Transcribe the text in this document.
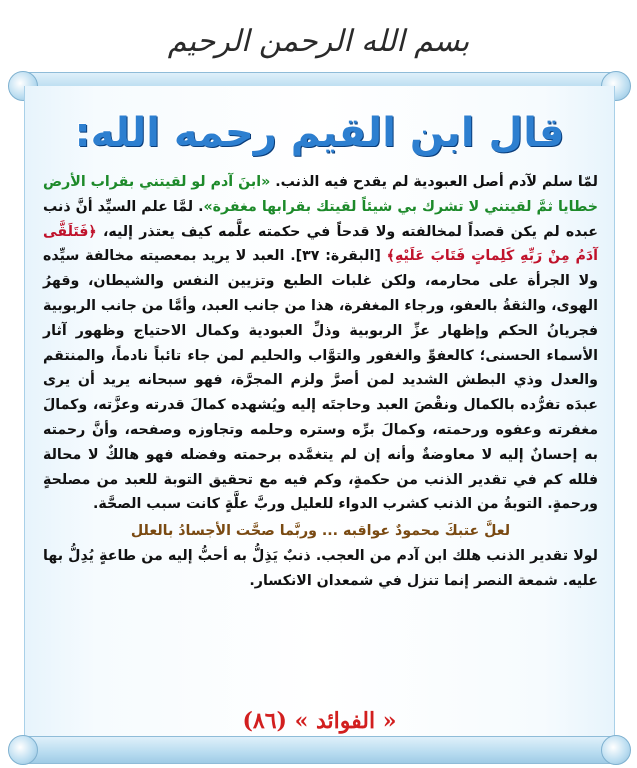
بسم الله الرحمن الرحيم
قال ابن القيم رحمه الله:

لمّا سلم لآدم أصل العبودية لم يقدح فيه الذنب. «ابنَ آدم لو لقيتني بقراب الأرض خطايا ثمَّ لقيتني لا تشرك بي شيئاً لقيتك بقرابها مغفرة». لمَّا علم السيِّد أنَّ ذنب عبده لم يكن قصداً لمخالفته ولا قدحاً في حكمته علَّمه كيف يعتذر إليه، ﴿فَتَلَقَّى آدَمُ مِنْ رَبِّهِ كَلِماتٍ فَتَابَ عَلَيْهِ﴾ [البقرة: ٣٧]. العبد لا يريد بمعصيته مخالفة سيِّده ولا الجرأة على محارمه، ولكن غلبات الطبع وتزيين النفس والشيطان، وقهرُ الهوى، والثقةُ بالعفو، ورجاء المغفرة، هذا من جانب العبد، وأمَّا من جانب الربوبية فجريانُ الحكم وإظهار عزِّ الربوبية وذلِّ العبودية وكمال الاحتياج وظهور آثار الأسماء الحسنى؛ كالعفوِّ والغفور والتوَّاب والحليم لمن جاء تائباً نادماً، والمنتقم والعدل وذي البطش الشديد لمن أصرَّ ولزم المجرَّة، فهو سبحانه يريد أن يرى عبدَه تفرُّده بالكمال ونقْصَ العبد وحاجتَه إليه ويُشهده كمالَ قدرته وعزَّته، وكمالَ مغفرته وعفوه ورحمته، وكمالَ برِّه وستره وحلمه وتجاوزه وصفحه، وأنَّ رحمته به إحسانٌ إليه لا معاوضةٌ وأنه إن لم يتغمَّده برحمته وفضله فهو هالكٌ لا محالة فلله كم في تقدير الذنب من حكمةٍ، وكم فيه مع تحقيق التوبة للعبد من مصلحةٍ ورحمةٍ. التوبةُ من الذنب كشرب الدواء للعليل وربَّ علَّةٍ كانت سبب الصحَّة.

لعلَّ عتبكَ محمودٌ عواقبه ... وربَّما صحَّت الأجسادُ بالعلل

لولا تقدير الذنب هلك ابن آدم من العجب. ذنبٌ يَذِلُّ به أحبُّ إليه من طاعةٍ يُدِلُّ بها عليه. شمعة النصر إنما تنزل في شمعدان الانكسار.

« الفوائد » (٨٦)
